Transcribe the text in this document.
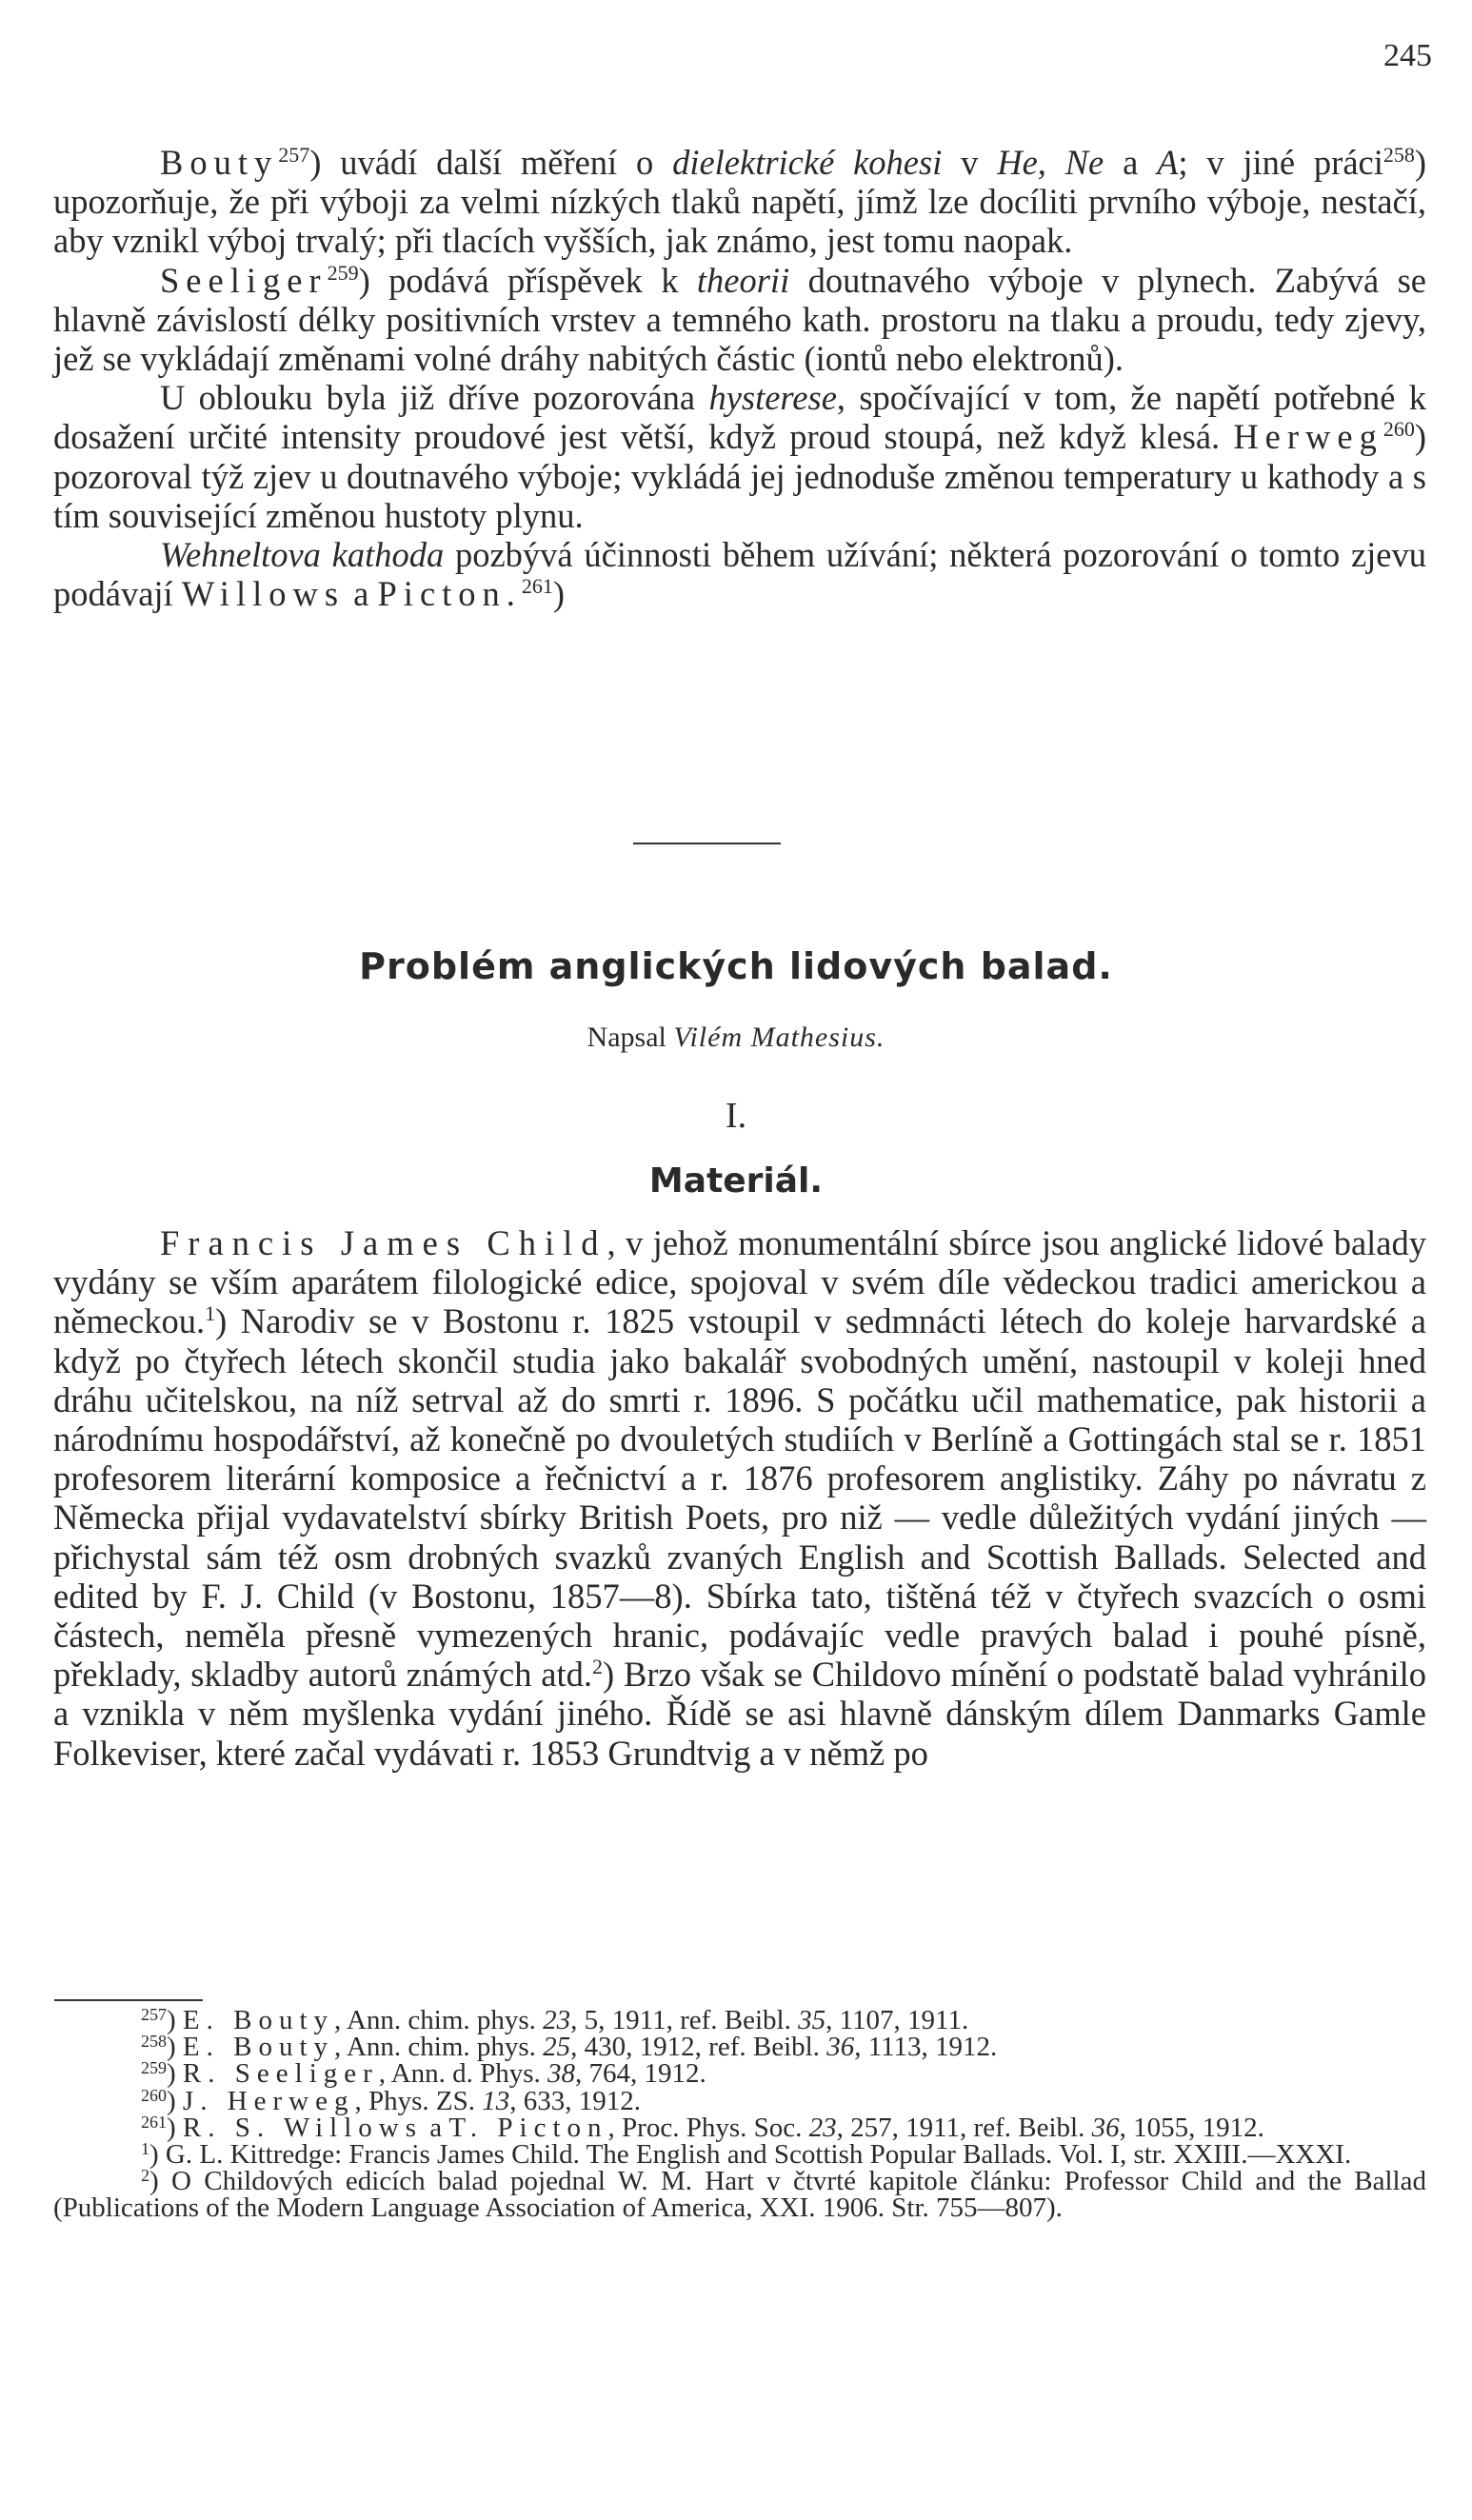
245

Bouty$^{257}$) uvádí další měření o dielektrické kohesi v He, Ne a A; v jiné práci$^{258}$) upozorňuje, že při výboji za velmi nízkých tlaků napětí, jímž lze docíliti prvního výboje, nestačí, aby vznikl výboj trvalý; při tlacích vyšších, jak známo, jest tomu naopak.

Seeliger$^{259}$) podává příspěvek k theorii doutnavého výboje v plynech. Zabývá se hlavně závislostí délky positivních vrstev a temného kath. prostoru na tlaku a proudu, tedy zjevy, jež se vykládají změnami volné dráhy nabitých částic (iontů nebo elektronů).

U oblouku byla již dříve pozorována hysterese, spočívající v tom, že napětí potřebné k dosažení určité intensity proudové jest větší, když proud stoupá, než když klesá. Herweg$^{260}$) pozoroval týž zjev u doutnavého výboje; vykládá jej jednoduše změnou temperatury u kathody a s tím související změnou hustoty plynu.

Wehneltova kathoda pozbývá účinnosti během užívání; některá pozorování o tomto zjevu podávají Willows a Picton.$^{261}$)

Problém anglických lidových balad.
Napsal Vilém Mathesius.
I.
Materiál.

Francis James Child, v jehož monumentální sbírce jsou anglické lidové balady vydány se vším aparátem filologické edice, spojoval v svém díle vědeckou tradici americkou a německou.$^1$) Narodiv se v Bostonu r. 1825 vstoupil v sedmnácti létech do koleje harvardské a když po čtyřech létech skončil studia jako bakalář svobodných umění, nastoupil v koleji hned dráhu učitelskou, na níž setrval až do smrti r. 1896. S počátku učil mathematice, pak historii a národnímu hospodářství, až konečně po dvouletých studiích v Berlíně a Gottingách stal se r. 1851 profesorem literární komposice a řečnictví a r. 1876 profesorem anglistiky. Záhy po návratu z Německa přijal vydavatelství sbírky British Poets, pro niž — vedle důležitých vydání jiných — přichystal sám též osm drobných svazků zvaných English and Scottish Ballads. Selected and edited by F. J. Child (v Bostonu, 1857—8). Sbírka tato, tištěná též v čtyřech svazcích o osmi částech, neměla přesně vymezených hranic, podávajíc vedle pravých balad i pouhé písně, překlady, skladby autorů známých atd.$^2$) Brzo však se Childovo mínění o podstatě balad vyhránilo a vznikla v něm myšlenka vydání jiného. Řídě se asi hlavně dánským dílem Danmarks Gamle Folkeviser, které začal vydávati r. 1853 Grundtvig a v němž po

$^{257}$) E. Bouty, Ann. chim. phys. 23, 5, 1911, ref. Beibl. 35, 1107, 1911.

$^{258}$) E. Bouty, Ann. chim. phys. 25, 430, 1912, ref. Beibl. 36, 1113, 1912.

$^{259}$) R. Seeliger, Ann. d. Phys. 38, 764, 1912.

$^{260}$) J. Herweg, Phys. ZS. 13, 633, 1912.

$^{261}$) R. S. Willows a T. Picton, Proc. Phys. Soc. 23, 257, 1911, ref. Beibl. 36, 1055, 1912.

$^1$) G. L. Kittredge: Francis James Child. The English and Scottish Popular Ballads. Vol. I, str. XXIII.—XXXI.

$^2$) O Childových edicích balad pojednal W. M. Hart v čtvrté kapitole článku: Professor Child and the Ballad (Publications of the Modern Language Association of America, XXI. 1906. Str. 755—807).
